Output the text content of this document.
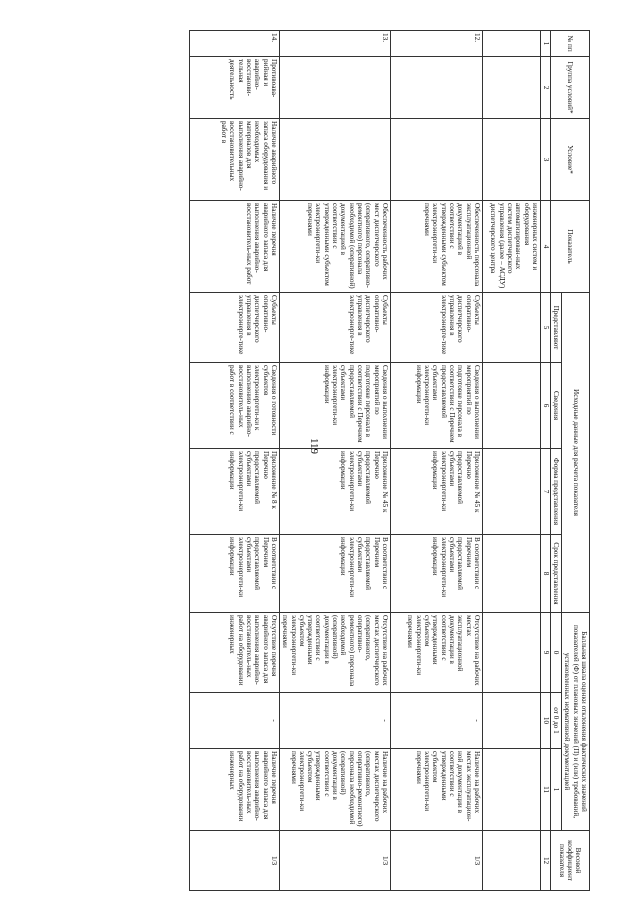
119
№ пп	Группа условий*	Условие*	Показатель	Исходные данные для расчета показателя				Балльная шкала оценки отклонения фактических значений показателей (Ф) от плановых значений (П) и (или) требований, установленных нормативной документацией			Весовой коэффициент показателя
				Представляют	Сведения	Форма представления	Срок представления	0	от 0 до 1	1	

1	2	3	4	5	6	7	8	9	10	11	12
			инженерных систем и оборудования автоматизирован-ных систем диспетчерского управления (далее – АСДУ) диспетчерского центра								
12.			Обеспеченность персонала эксплуатационной документацией в соответствии с утвержденными субъектом электроэнергети-ки перечнями	Субъекты оперативно-диспетчерского управления в электроэнерге-тике	Сведения о выполнении мероприятий по подготовке персонала в соответствии с Перечнем предоставляемой субъектами электроэнергети-ки информации	Приложение № 45 к Перечню предоставляемой субъектами электроэнергети-ки информации	В соответствии с Перечнем предоставляемой субъектами электроэнергети-ки информации	Отсутствие на рабочих местах эксплуатационной документации в соответствии с утвержденными субъектом электроэнергети-ки перечнями	-	Наличие на рабочих местах эксплуатацион-ной документации в соответствии с утвержденными субъектом электроэнергети-ки перечнями	1/3
13.			Обеспеченность рабочих мест диспетчерского (оперативного, оперативно-ремонтного) персонала необходимой (оперативной) документацией в соответствии с утвержденными субъектом электроэнергети-ки перечнями	Субъекты оперативно-диспетчерского управления в электроэнерге-тике	Сведения о выполнении мероприятий по подготовке персонала в соответствии с Перечнем предоставляемой субъектами электроэнергети-ки информации	Приложение № 45 к Перечню предоставляемой субъектами электроэнергети-ки информации	В соответствии с Перечнем предоставляемой субъектами электроэнергети-ки информации	Отсутствие на рабочих местах диспетчерского (оперативного, оперативно-ремонтного) персонала необходимой (оперативной) документации в соответствии с утвержденными субъектом электроэнергети-ки перечнями	-	Наличие на рабочих местах диспетчерского (оперативного, оперативно-ремонтного) персонала необходимой (оперативной) документации в соответствии с утвержденными субъектом электроэнергети-ки перечнями	1/3
14.	Противоава-рийная и аварийно-восстанови-тельная деятельность	Наличие аварийного запаса оборудования и необходимых материалов для выполнения аварийно-восстановительных работ в	Наличие перечня аварийного запаса для выполнения аварийно-восстановитель-ных работ	Субъекты оперативно-диспетчерского управления в электроэнерге-тике	Сведения о готовности субъектов электроэнергети-ки к выполнению аварийно-восстановитель-ных работ в соответствии с	Приложение № 8 к Перечню предоставляемой субъектами электроэнергети-ки информации	В соответствии с Перечнем предоставляемой субъектами электроэнергети-ки информации	Отсутствие перечня аварийного запаса для выполнения аварийно-восстановитель-ных работ на оборудовании инженерных	-	Наличие перечня аварийного запаса для выполнения аварийно-восстановитель-ных работ на оборудовании инженерных	1/3
